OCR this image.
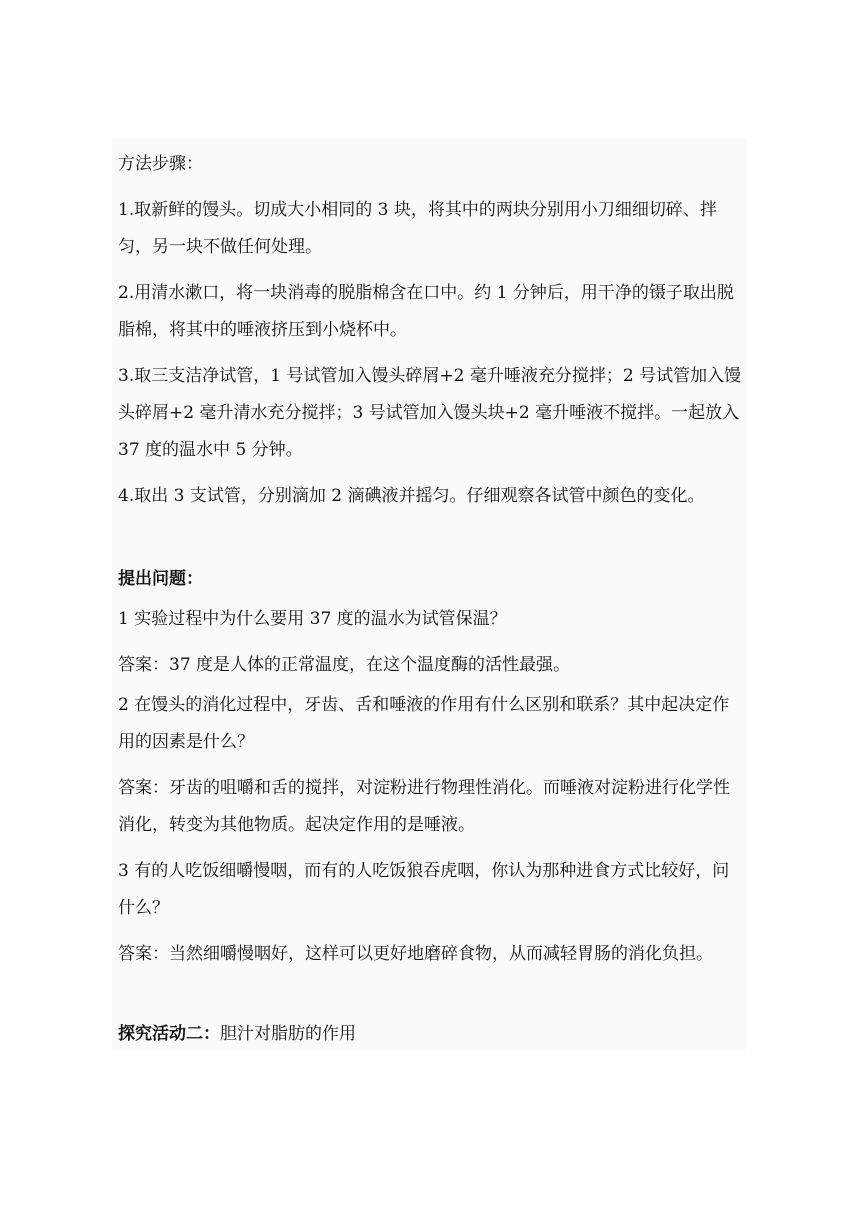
方法步骤：

1.取新鲜的馒头。切成大小相同的 3 块，将其中的两块分别用小刀细细切碎、拌匀，另一块不做任何处理。

2.用清水漱口，将一块消毒的脱脂棉含在口中。约 1 分钟后，用干净的镊子取出脱脂棉，将其中的唾液挤压到小烧杯中。

3.取三支洁净试管，1 号试管加入馒头碎屑+2 毫升唾液充分搅拌；2 号试管加入馒头碎屑+2 毫升清水充分搅拌；3 号试管加入馒头块+2 毫升唾液不搅拌。一起放入 37 度的温水中 5 分钟。

4.取出 3 支试管，分别滴加 2 滴碘液并摇匀。仔细观察各试管中颜色的变化。

提出问题：

1 实验过程中为什么要用 37 度的温水为试管保温？

答案：37 度是人体的正常温度，在这个温度酶的活性最强。

2 在馒头的消化过程中，牙齿、舌和唾液的作用有什么区别和联系？其中起决定作用的因素是什么？

答案：牙齿的咀嚼和舌的搅拌，对淀粉进行物理性消化。而唾液对淀粉进行化学性消化，转变为其他物质。起决定作用的是唾液。

3 有的人吃饭细嚼慢咽，而有的人吃饭狼吞虎咽，你认为那种进食方式比较好，问什么？

答案：当然细嚼慢咽好，这样可以更好地磨碎食物，从而减轻胃肠的消化负担。

探究活动二：胆汁对脂肪的作用
